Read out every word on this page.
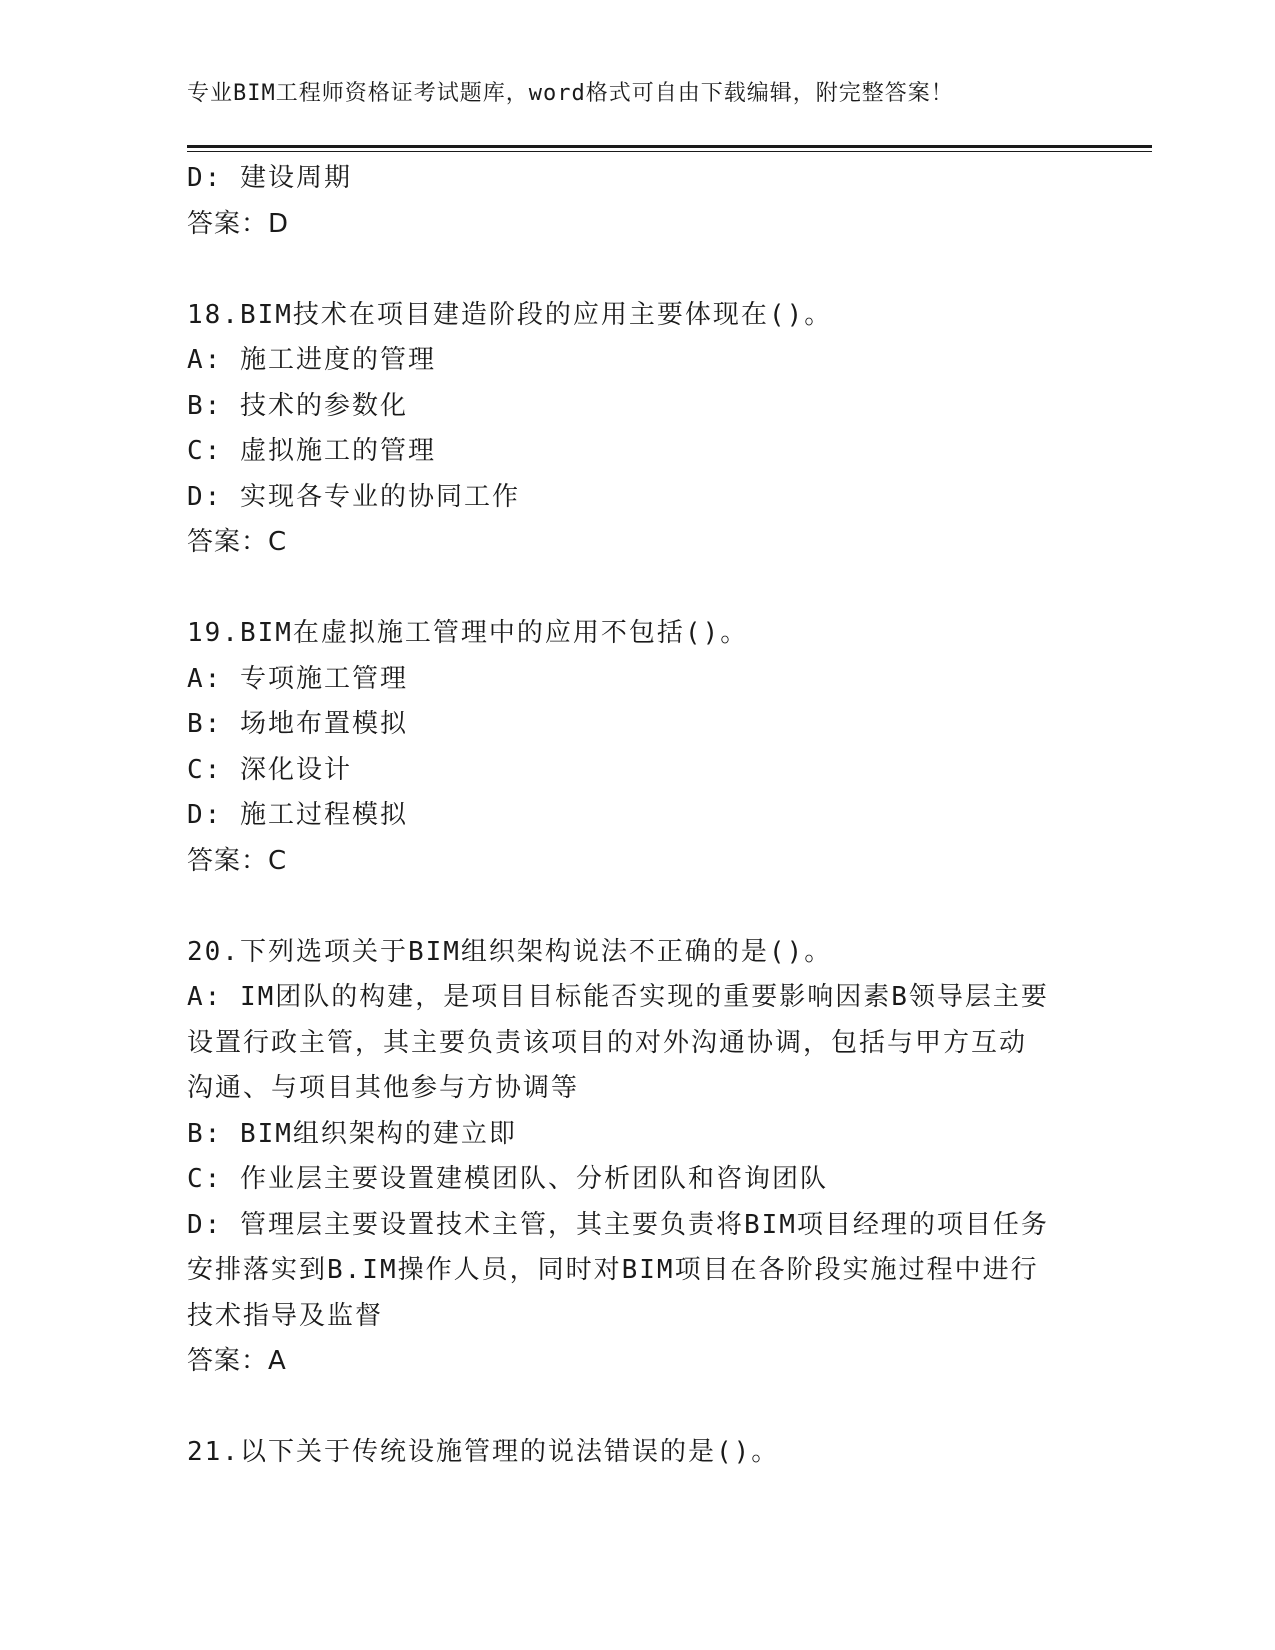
专业BIM工程师资格证考试题库，word格式可自由下载编辑，附完整答案！
D: 建设周期
答案：D
18.BIM技术在项目建造阶段的应用主要体现在()。
A: 施工进度的管理
B: 技术的参数化
C: 虚拟施工的管理
D: 实现各专业的协同工作
答案：C
19.BIM在虚拟施工管理中的应用不包括()。
A: 专项施工管理
B: 场地布置模拟
C: 深化设计
D: 施工过程模拟
答案：C
20.下列选项关于BIM组织架构说法不正确的是()。
A: IM团队的构建，是项目目标能否实现的重要影响因素B领导层主要
设置行政主管，其主要负责该项目的对外沟通协调，包括与甲方互动
沟通、与项目其他参与方协调等
B: BIM组织架构的建立即
C: 作业层主要设置建模团队、分析团队和咨询团队
D: 管理层主要设置技术主管，其主要负责将BIM项目经理的项目任务
安排落实到B.IM操作人员，同时对BIM项目在各阶段实施过程中进行
技术指导及监督
答案：A
21.以下关于传统设施管理的说法错误的是()。
